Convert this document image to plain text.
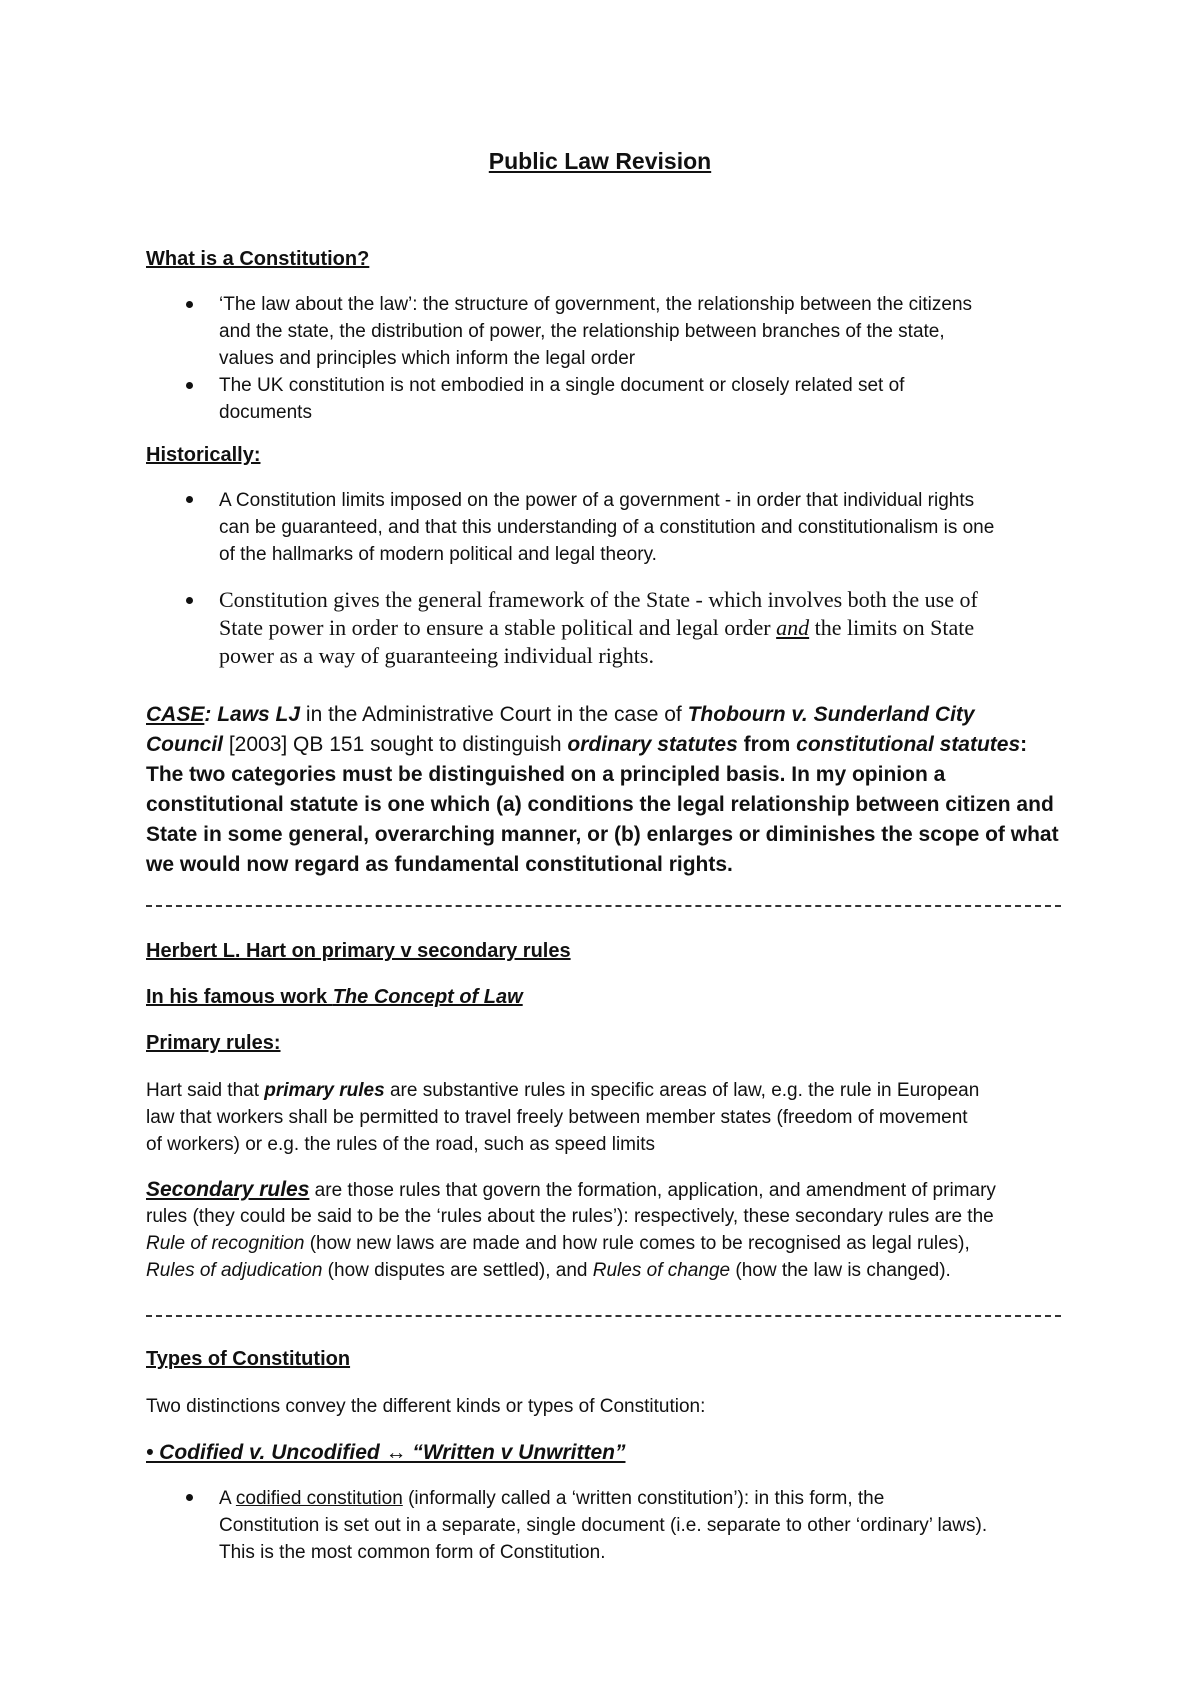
Public Law Revision
What is a Constitution?
‘The law about the law’: the structure of government, the relationship between the citizens
and the state, the distribution of power, the relationship between branches of the state,
values and principles which inform the legal order
The UK constitution is not embodied in a single document or closely related set of
documents
Historically:
A Constitution limits imposed on the power of a government - in order that individual rights
can be guaranteed, and that this understanding of a constitution and constitutionalism is one
of the hallmarks of modern political and legal theory.
Constitution gives the general framework of the State - which involves both the use of
State power in order to ensure a stable political and legal order and the limits on State
power as a way of guaranteeing individual rights.
CASE: Laws LJ in the Administrative Court in the case of Thobourn v. Sunderland City
Council [2003] QB 151 sought to distinguish ordinary statutes from constitutional statutes:
The two categories must be distinguished on a principled basis. In my opinion a
constitutional statute is one which (a) conditions the legal relationship between citizen and
State in some general, overarching manner, or (b) enlarges or diminishes the scope of what
we would now regard as fundamental constitutional rights.
Herbert L. Hart on primary v secondary rules
In his famous work The Concept of Law
Primary rules:
Hart said that primary rules are substantive rules in specific areas of law, e.g. the rule in European
law that workers shall be permitted to travel freely between member states (freedom of movement
of workers) or e.g. the rules of the road, such as speed limits
Secondary rules are those rules that govern the formation, application, and amendment of primary
rules (they could be said to be the ‘rules about the rules’): respectively, these secondary rules are the
Rule of recognition (how new laws are made and how rule comes to be recognised as legal rules),
Rules of adjudication (how disputes are settled), and Rules of change (how the law is changed).
Types of Constitution
Two distinctions convey the different kinds or types of Constitution:
• Codified v. Uncodified ↔ “Written v Unwritten”
A codified constitution (informally called a ‘written constitution’): in this form, the
Constitution is set out in a separate, single document (i.e. separate to other ‘ordinary’ laws).
This is the most common form of Constitution.
